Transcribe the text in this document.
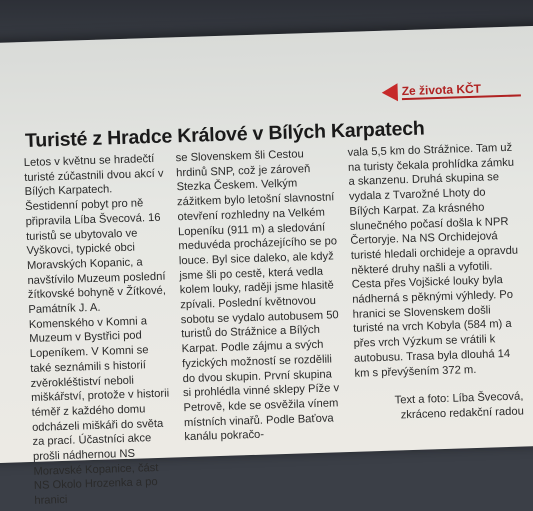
Ze života KČT
Turisté z Hradce Králové v Bílých Karpatech

Letos v květnu se hradečtí turisté zúčastnili dvou akcí v Bílých Karpatech. Šestidenní pobyt pro ně připravila Líba Švecová. 16 turistů se ubytovalo ve Vyškovci, typické obci Moravských Kopanic, a navštívilo Muzeum poslední žítkovské bohyně v Žítkové, Památník J. A. Komenského v Komni a Muzeum v Bystřici pod Lopeníkem. V Komni se také seznámili s historií zvěrokléštiství neboli miškářství, protože v historii téměř z každého domu odcházeli miškáři do světa za prací. Účastníci akce prošli nádhernou NS Moravské Kopanice, část NS Okolo Hrozenka a po hranici

se Slovenskem šli Cestou hrdinů SNP, což je zároveň Stezka Českem. Velkým zážitkem bylo letošní slavnostní otevření rozhledny na Velkém Lopeníku (911 m) a sledování meduvéda procházejícího se po louce. Byl sice daleko, ale když jsme šli po cestě, která vedla kolem louky, raději jsme hlasitě zpívali. Poslední květnovou sobotu se vydalo autobusem 50 turistů do Strážnice a Bílých Karpat. Podle zájmu a svých fyzických možností se rozdělili do dvou skupin. První skupina si prohlédla vinné sklepy Píže v Petrově, kde se osvěžila vínem místních vinařů. Podle Baťova kanálu pokračo-

vala 5,5 km do Strážnice. Tam už na turisty čekala prohlídka zámku a skanzenu. Druhá skupina se vydala z Tvarožné Lhoty do Bílých Karpat. Za krásného slunečného počasí došla k NPR Čertoryje. Na NS Orchidejová turisté hledali orchideje a opravdu některé druhy našli a vyfotili. Cesta přes Vojšické louky byla nádherná s pěknými výhledy. Po hranici se Slovenskem došli turisté na vrch Kobyla (584 m) a přes vrch Výzkum se vrátili k autobusu. Trasa byla dlouhá 14 km s převýšením 372 m.

Text a foto: Líba Švecová, zkráceno redakční radou
